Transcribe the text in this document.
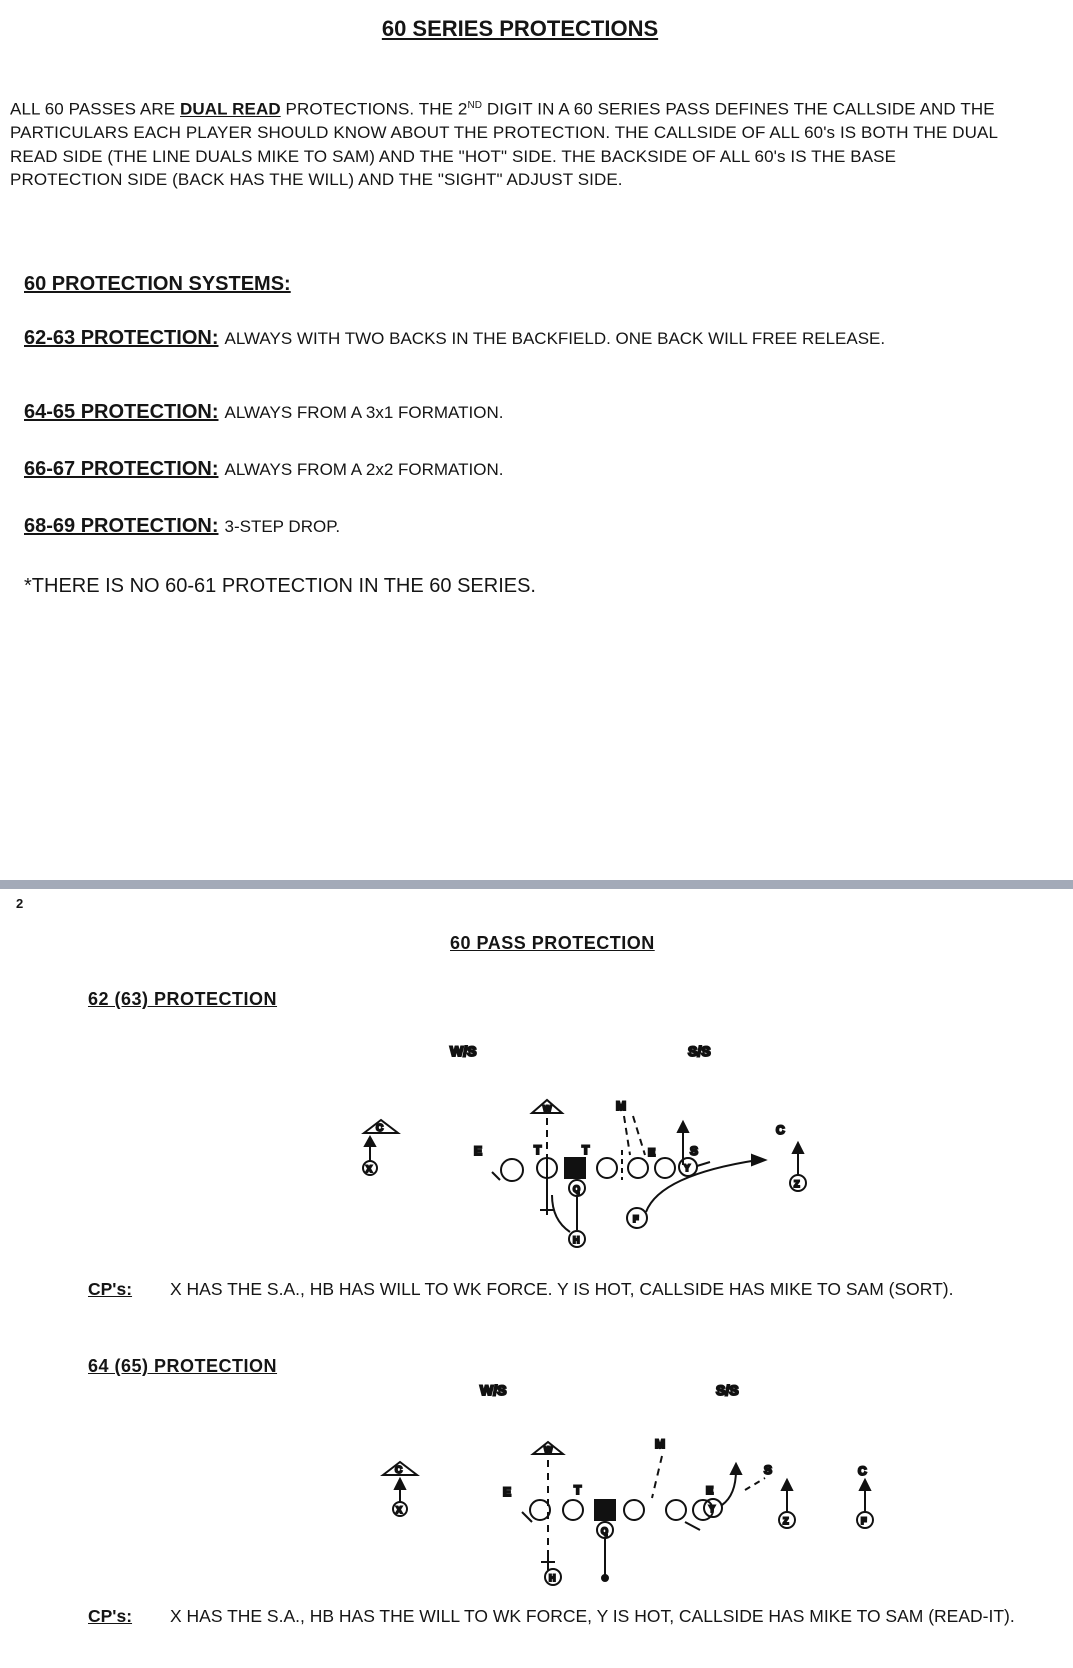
60 SERIES PROTECTIONS
ALL 60 PASSES ARE DUAL READ PROTECTIONS. THE 2ND DIGIT IN A 60 SERIES PASS DEFINES THE CALLSIDE AND THE PARTICULARS EACH PLAYER SHOULD KNOW ABOUT THE PROTECTION. THE CALLSIDE OF ALL 60's IS BOTH THE DUAL READ SIDE (THE LINE DUALS MIKE TO SAM) AND THE "HOT" SIDE. THE BACKSIDE OF ALL 60's IS THE BASE PROTECTION SIDE (BACK HAS THE WILL) AND THE "SIGHT" ADJUST SIDE.
60 PROTECTION SYSTEMS:
62-63 PROTECTION: ALWAYS WITH TWO BACKS IN THE BACKFIELD. ONE BACK WILL FREE RELEASE.
64-65 PROTECTION: ALWAYS FROM A 3x1 FORMATION.
66-67 PROTECTION: ALWAYS FROM A 2x2 FORMATION.
68-69 PROTECTION: 3-STEP DROP.
*THERE IS NO 60-61 PROTECTION IN THE 60 SERIES.
2
60 PASS PROTECTION
62 (63) PROTECTION
W/S	S/S
C
X
W
E	T	T
Q
H
M
E	S
Y
F
C
Z
CP's: X HAS THE S.A., HB HAS WILL TO WK FORCE. Y IS HOT, CALLSIDE HAS MIKE TO SAM (SORT).
64 (65) PROTECTION
W/S	S/S
C
X
W
H
E	T
Q
M
E
Y
S
Z
C
F
CP's: X HAS THE S.A., HB HAS THE WILL TO WK FORCE, Y IS HOT, CALLSIDE HAS MIKE TO SAM (READ-IT).
